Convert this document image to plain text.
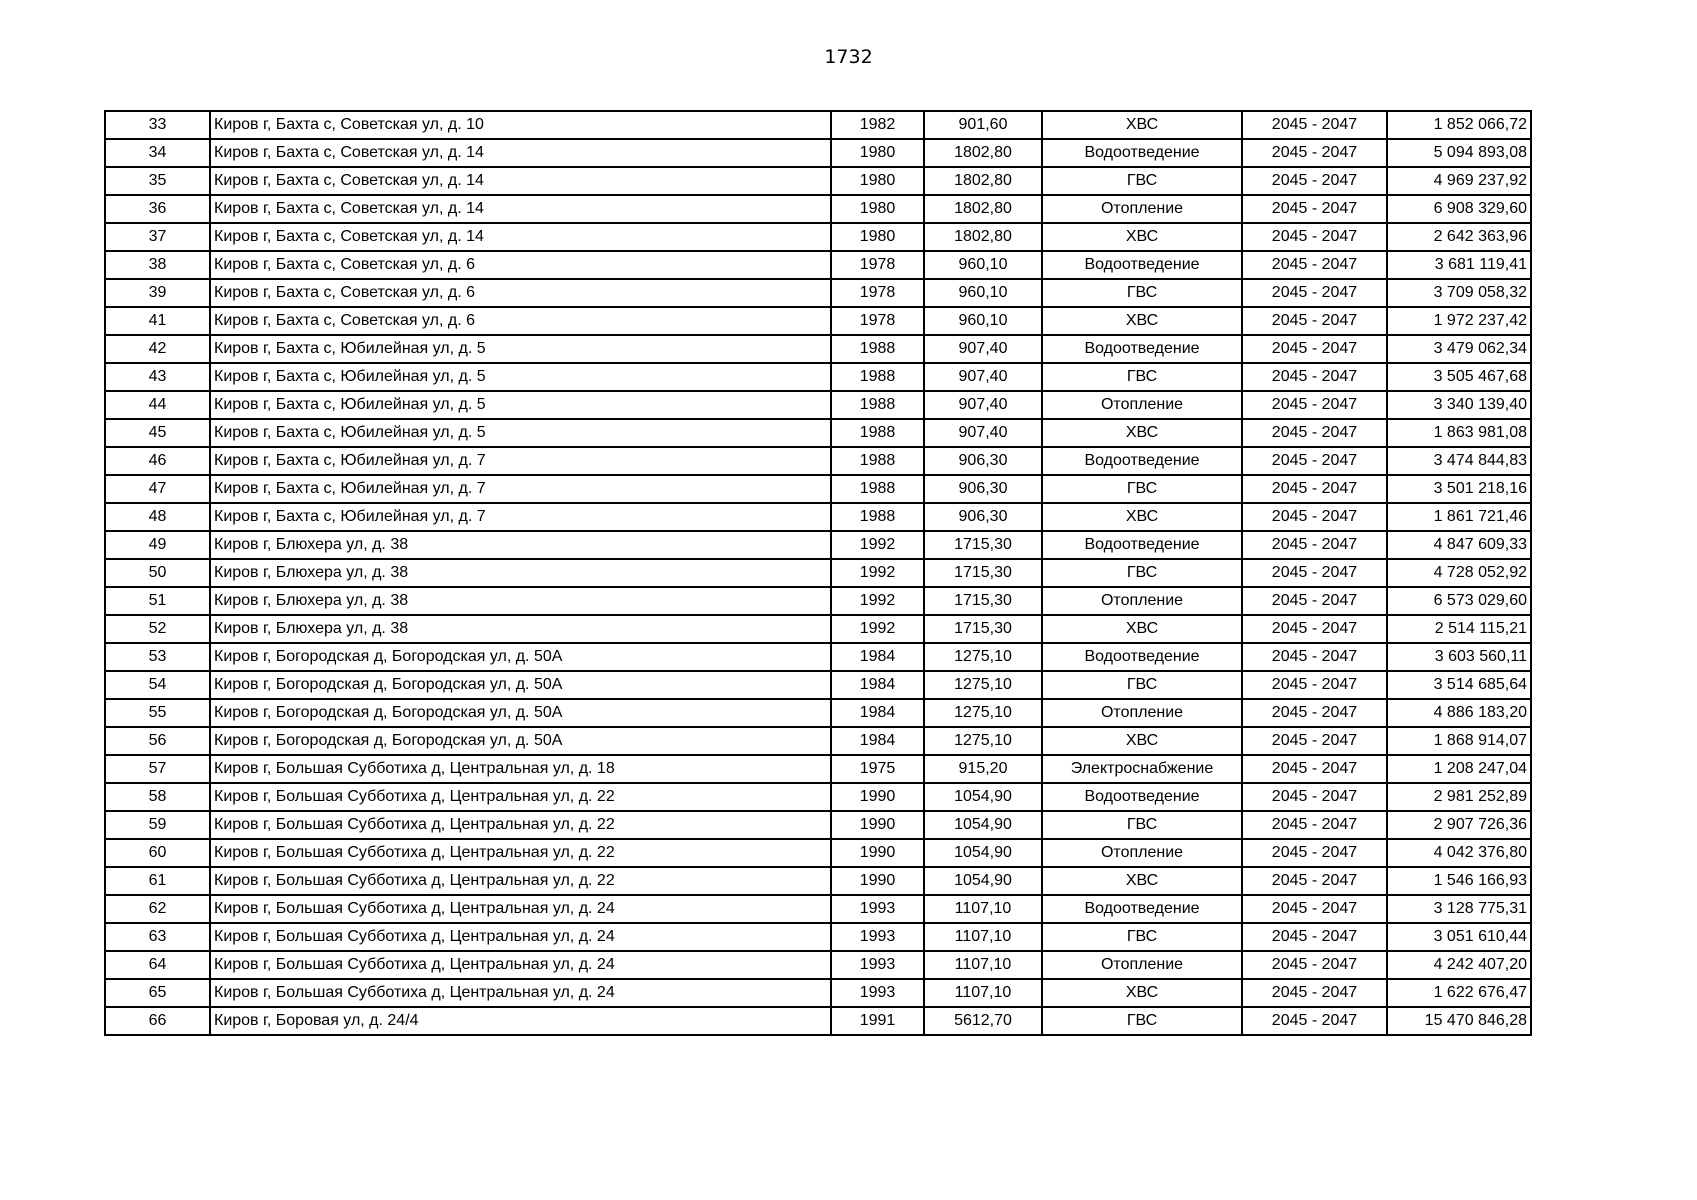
1732
33	Киров г, Бахта с, Советская ул, д. 10	1982	901,60	ХВС	2045 - 2047	1 852 066,72
34	Киров г, Бахта с, Советская ул, д. 14	1980	1802,80	Водоотведение	2045 - 2047	5 094 893,08
35	Киров г, Бахта с, Советская ул, д. 14	1980	1802,80	ГВС	2045 - 2047	4 969 237,92
36	Киров г, Бахта с, Советская ул, д. 14	1980	1802,80	Отопление	2045 - 2047	6 908 329,60
37	Киров г, Бахта с, Советская ул, д. 14	1980	1802,80	ХВС	2045 - 2047	2 642 363,96
38	Киров г, Бахта с, Советская ул, д. 6	1978	960,10	Водоотведение	2045 - 2047	3 681 119,41
39	Киров г, Бахта с, Советская ул, д. 6	1978	960,10	ГВС	2045 - 2047	3 709 058,32
41	Киров г, Бахта с, Советская ул, д. 6	1978	960,10	ХВС	2045 - 2047	1 972 237,42
42	Киров г, Бахта с, Юбилейная ул, д. 5	1988	907,40	Водоотведение	2045 - 2047	3 479 062,34
43	Киров г, Бахта с, Юбилейная ул, д. 5	1988	907,40	ГВС	2045 - 2047	3 505 467,68
44	Киров г, Бахта с, Юбилейная ул, д. 5	1988	907,40	Отопление	2045 - 2047	3 340 139,40
45	Киров г, Бахта с, Юбилейная ул, д. 5	1988	907,40	ХВС	2045 - 2047	1 863 981,08
46	Киров г, Бахта с, Юбилейная ул, д. 7	1988	906,30	Водоотведение	2045 - 2047	3 474 844,83
47	Киров г, Бахта с, Юбилейная ул, д. 7	1988	906,30	ГВС	2045 - 2047	3 501 218,16
48	Киров г, Бахта с, Юбилейная ул, д. 7	1988	906,30	ХВС	2045 - 2047	1 861 721,46
49	Киров г, Блюхера ул, д. 38	1992	1715,30	Водоотведение	2045 - 2047	4 847 609,33
50	Киров г, Блюхера ул, д. 38	1992	1715,30	ГВС	2045 - 2047	4 728 052,92
51	Киров г, Блюхера ул, д. 38	1992	1715,30	Отопление	2045 - 2047	6 573 029,60
52	Киров г, Блюхера ул, д. 38	1992	1715,30	ХВС	2045 - 2047	2 514 115,21
53	Киров г, Богородская д, Богородская ул, д. 50А	1984	1275,10	Водоотведение	2045 - 2047	3 603 560,11
54	Киров г, Богородская д, Богородская ул, д. 50А	1984	1275,10	ГВС	2045 - 2047	3 514 685,64
55	Киров г, Богородская д, Богородская ул, д. 50А	1984	1275,10	Отопление	2045 - 2047	4 886 183,20
56	Киров г, Богородская д, Богородская ул, д. 50А	1984	1275,10	ХВС	2045 - 2047	1 868 914,07
57	Киров г, Большая Субботиха д, Центральная ул, д. 18	1975	915,20	Электроснабжение	2045 - 2047	1 208 247,04
58	Киров г, Большая Субботиха д, Центральная ул, д. 22	1990	1054,90	Водоотведение	2045 - 2047	2 981 252,89
59	Киров г, Большая Субботиха д, Центральная ул, д. 22	1990	1054,90	ГВС	2045 - 2047	2 907 726,36
60	Киров г, Большая Субботиха д, Центральная ул, д. 22	1990	1054,90	Отопление	2045 - 2047	4 042 376,80
61	Киров г, Большая Субботиха д, Центральная ул, д. 22	1990	1054,90	ХВС	2045 - 2047	1 546 166,93
62	Киров г, Большая Субботиха д, Центральная ул, д. 24	1993	1107,10	Водоотведение	2045 - 2047	3 128 775,31
63	Киров г, Большая Субботиха д, Центральная ул, д. 24	1993	1107,10	ГВС	2045 - 2047	3 051 610,44
64	Киров г, Большая Субботиха д, Центральная ул, д. 24	1993	1107,10	Отопление	2045 - 2047	4 242 407,20
65	Киров г, Большая Субботиха д, Центральная ул, д. 24	1993	1107,10	ХВС	2045 - 2047	1 622 676,47
66	Киров г, Боровая ул, д. 24/4	1991	5612,70	ГВС	2045 - 2047	15 470 846,28
